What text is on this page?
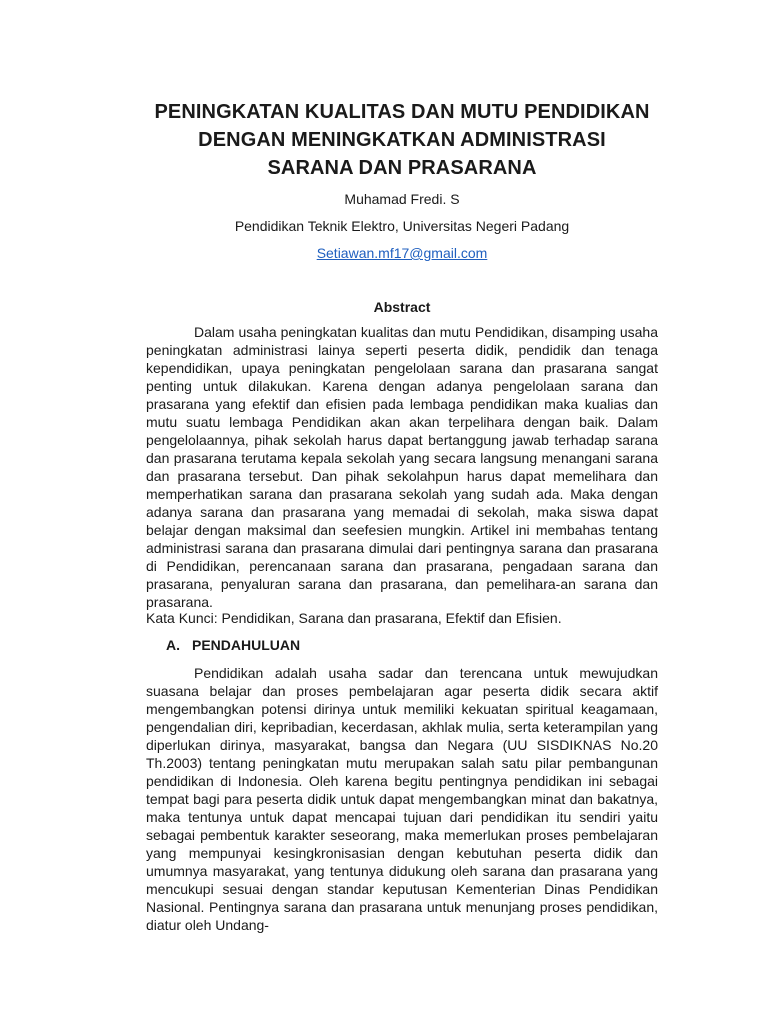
PENINGKATAN KUALITAS DAN MUTU PENDIDIKAN
DENGAN MENINGKATKAN ADMINISTRASI
SARANA DAN PRASARANA
Muhamad Fredi. S
Pendidikan Teknik Elektro, Universitas Negeri Padang
Setiawan.mf17@gmail.com
Abstract

Dalam usaha peningkatan kualitas dan mutu Pendidikan, disamping usaha peningkatan administrasi lainya seperti peserta didik, pendidik dan tenaga kependidikan, upaya peningkatan pengelolaan sarana dan prasarana sangat penting untuk dilakukan. Karena dengan adanya pengelolaan sarana dan prasarana yang efektif dan efisien pada lembaga pendidikan maka kualias dan mutu suatu lembaga Pendidikan akan akan terpelihara dengan baik. Dalam pengelolaannya, pihak sekolah harus dapat bertanggung jawab terhadap sarana dan prasarana terutama kepala sekolah yang secara langsung menangani sarana dan prasarana tersebut. Dan pihak sekolahpun harus dapat memelihara dan memperhatikan sarana dan prasarana sekolah yang sudah ada. Maka dengan adanya sarana dan prasarana yang memadai di sekolah, maka siswa dapat belajar dengan maksimal dan seefesien mungkin. Artikel ini membahas tentang administrasi sarana dan prasarana dimulai dari pentingnya sarana dan prasarana di Pendidikan, perencanaan sarana dan prasarana, pengadaan sarana dan prasarana, penyaluran sarana dan prasarana, dan pemelihara-an sarana dan prasarana.

Kata Kunci: Pendidikan, Sarana dan prasarana, Efektif dan Efisien.
A. PENDAHULUAN

Pendidikan adalah usaha sadar dan terencana untuk mewujudkan suasana belajar dan proses pembelajaran agar peserta didik secara aktif mengembangkan potensi dirinya untuk memiliki kekuatan spiritual keagamaan, pengendalian diri, kepribadian, kecerdasan, akhlak mulia, serta keterampilan yang diperlukan dirinya, masyarakat, bangsa dan Negara (UU SISDIKNAS No.20 Th.2003) tentang peningkatan mutu merupakan salah satu pilar pembangunan pendidikan di Indonesia. Oleh karena begitu pentingnya pendidikan ini sebagai tempat bagi para peserta didik untuk dapat mengembangkan minat dan bakatnya, maka tentunya untuk dapat mencapai tujuan dari pendidikan itu sendiri yaitu sebagai pembentuk karakter seseorang, maka memerlukan proses pembelajaran yang mempunyai kesingkronisasian dengan kebutuhan peserta didik dan umumnya masyarakat, yang tentunya didukung oleh sarana dan prasarana yang mencukupi sesuai dengan standar keputusan Kementerian Dinas Pendidikan Nasional. Pentingnya sarana dan prasarana untuk menunjang proses pendidikan, diatur oleh Undang-
